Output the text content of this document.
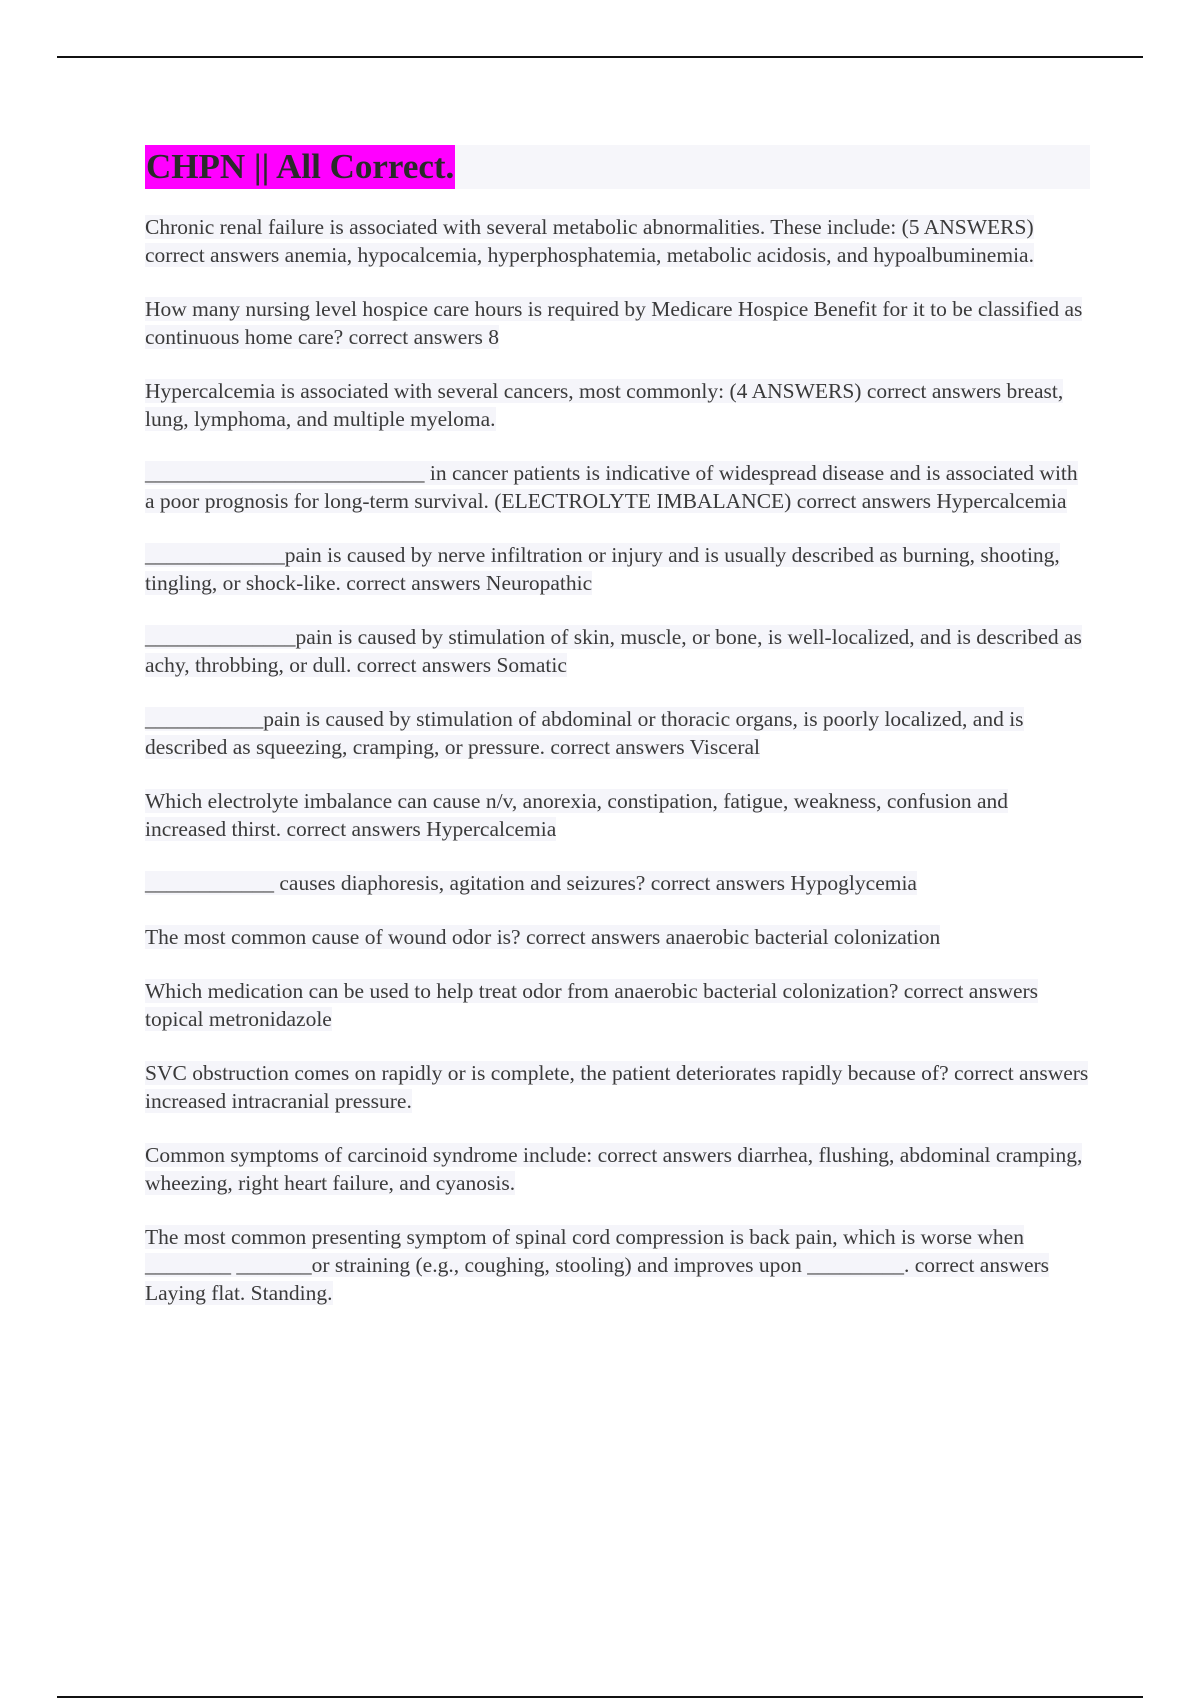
CHPN || All Correct.

Chronic renal failure is associated with several metabolic abnormalities. These include: (5 ANSWERS) correct answers anemia, hypocalcemia, hyperphosphatemia, metabolic acidosis, and hypoalbuminemia.

How many nursing level hospice care hours is required by Medicare Hospice Benefit for it to be classified as continuous home care? correct answers 8

Hypercalcemia is associated with several cancers, most commonly: (4 ANSWERS) correct answers breast, lung, lymphoma, and multiple myeloma.

__________________________ in cancer patients is indicative of widespread disease and is associated with a poor prognosis for long-term survival. (ELECTROLYTE IMBALANCE) correct answers Hypercalcemia

_____________pain is caused by nerve infiltration or injury and is usually described as burning, shooting, tingling, or shock-like. correct answers Neuropathic

______________pain is caused by stimulation of skin, muscle, or bone, is well-localized, and is described as achy, throbbing, or dull. correct answers Somatic

___________pain is caused by stimulation of abdominal or thoracic organs, is poorly localized, and is described as squeezing, cramping, or pressure. correct answers Visceral

Which electrolyte imbalance can cause n/v, anorexia, constipation, fatigue, weakness, confusion and increased thirst. correct answers Hypercalcemia

____________ causes diaphoresis, agitation and seizures? correct answers Hypoglycemia

The most common cause of wound odor is? correct answers anaerobic bacterial colonization

Which medication can be used to help treat odor from anaerobic bacterial colonization? correct answers topical metronidazole

SVC obstruction comes on rapidly or is complete, the patient deteriorates rapidly because of? correct answers increased intracranial pressure.

Common symptoms of carcinoid syndrome include: correct answers diarrhea, flushing, abdominal cramping, wheezing, right heart failure, and cyanosis.

The most common presenting symptom of spinal cord compression is back pain, which is worse when ________ _______or straining (e.g., coughing, stooling) and improves upon _________. correct answers Laying flat. Standing.
